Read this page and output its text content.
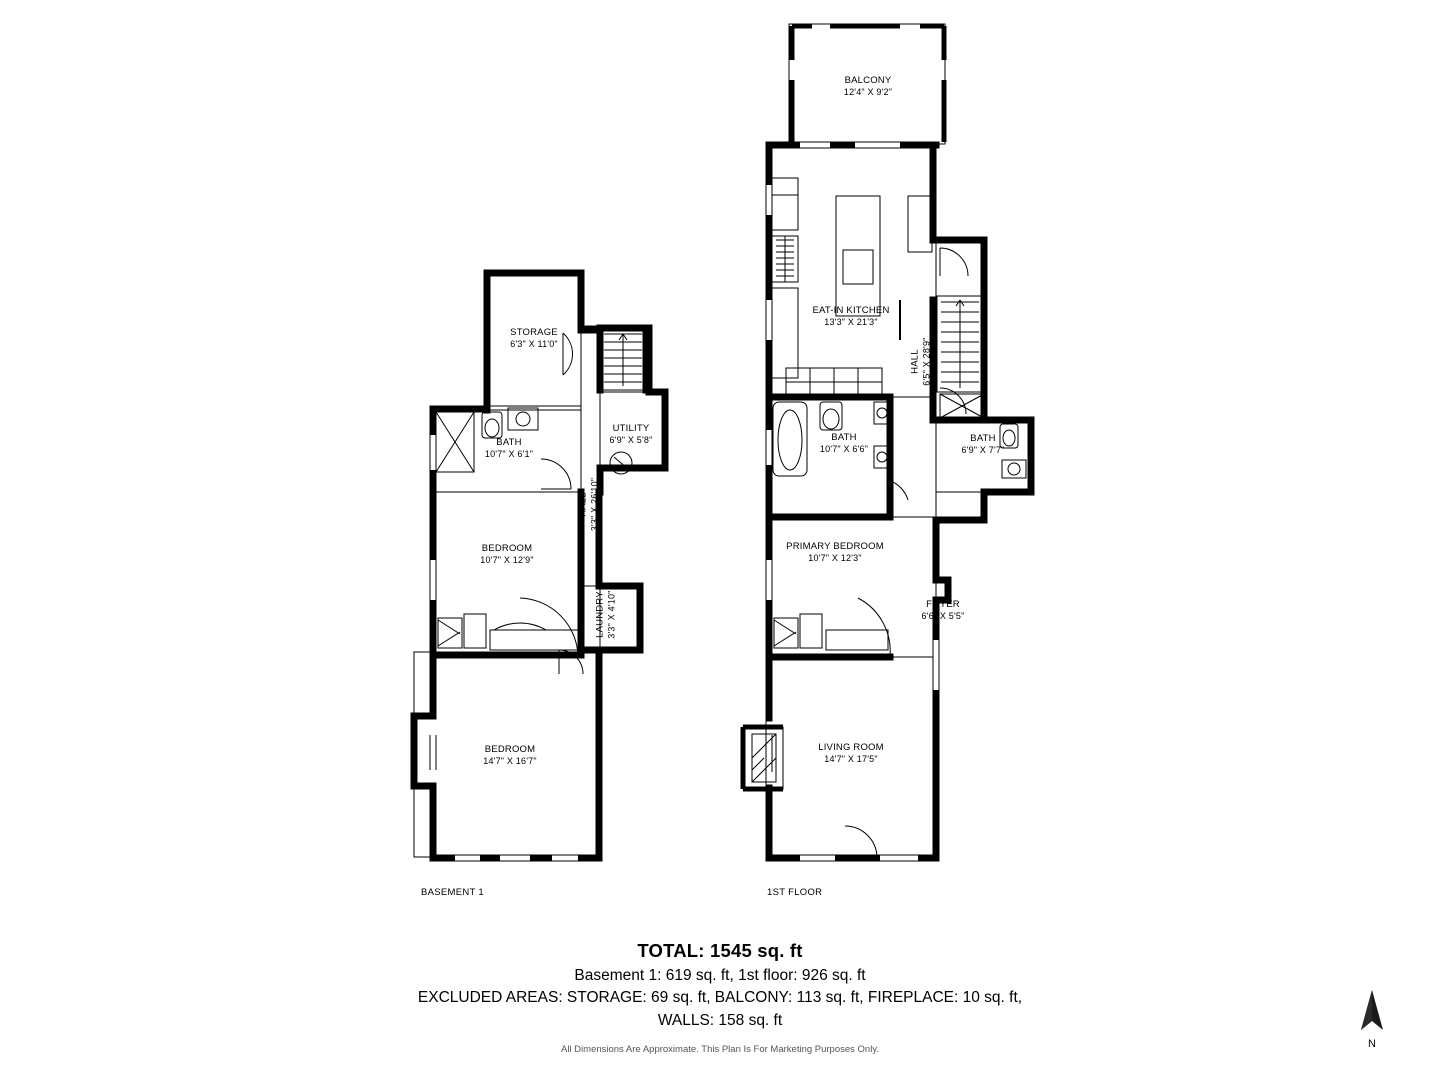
STORAGE
6'3" X 11'0"
BATH
10'7" X 6'1"
UTILITY
6'9" X 5'8"
HALL 3'3" X 26'10"
BEDROOM
10'7" X 12'9"
LAUNDRY 3'3" X 4'10"
BEDROOM
14'7" X 16'7"
BASEMENT 1
BALCONY
12'4" X 9'2"
EAT-IN KITCHEN
13'3" X 21'3"
HALL 6'5" X 28'9"
BATH
10'7" X 6'6"
BATH
6'9" X 7'7"
PRIMARY BEDROOM
10'7" X 12'3"
FOYER
6'6" X 5'5"
LIVING ROOM
14'7" X 17'5"
1ST FLOOR
TOTAL: 1545 sq. ft
Basement 1: 619 sq. ft, 1st floor: 926 sq. ft
EXCLUDED AREAS: STORAGE: 69 sq. ft, BALCONY: 113 sq. ft, FIREPLACE: 10 sq. ft,
WALLS: 158 sq. ft
All Dimensions Are Approximate. This Plan Is For Marketing Purposes Only.	N
